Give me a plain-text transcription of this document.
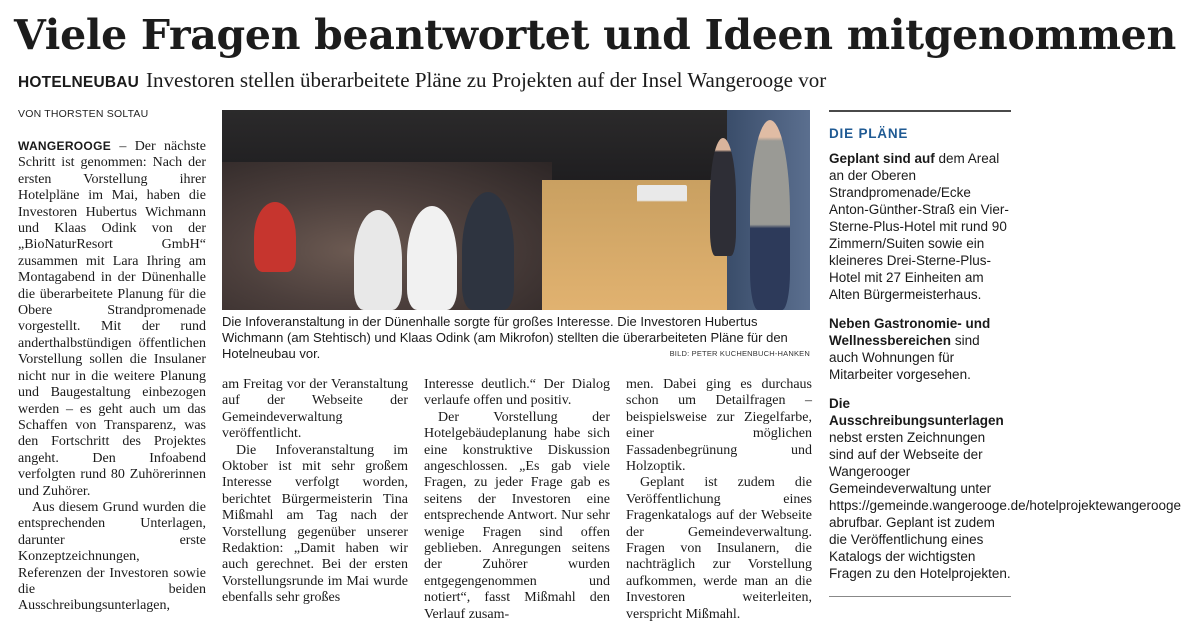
Viele Fragen beantwortet und Ideen mitgenommen
HOTELNEUBAU Investoren stellen überarbeitete Pläne zu Projekten auf der Insel Wangerooge vor
VON THORSTEN SOLTAU

WANGEROOGE – Der nächste Schritt ist genommen: Nach der ersten Vorstellung ihrer Hotelpläne im Mai, haben die Investoren Hubertus Wichmann und Klaas Odink von der „BioNaturResort GmbH“ zusammen mit Lara Ihring am Montagabend in der Dünenhalle die überarbeitete Planung für die Obere Strandpromenade vorgestellt. Mit der rund anderthalbstündigen öffentlichen Vorstellung sollen die Insulaner nicht nur in die weitere Planung und Baugestaltung einbezogen werden – es geht auch um das Schaffen von Transparenz, was den Fortschritt des Projektes angeht. Den Infoabend verfolgten rund 80 Zuhörerinnen und Zuhörer.

Aus diesem Grund wurden die entsprechenden Unterlagen, darunter erste Konzeptzeichnungen, Referenzen der Investoren sowie die beiden Ausschreibungsunterlagen,

Die Infoveranstaltung in der Dünenhalle sorgte für großes Interesse. Die Investoren Hubertus Wichmann (am Stehtisch) und Klaas Odink (am Mikrofon) stellten die überarbeiteten Pläne für den Hotelneubau vor.	BILD: PETER KUCHENBUCH-HANKEN

am Freitag vor der Veranstaltung auf der Webseite der Gemeindeverwaltung veröffentlicht.

Die Infoveranstaltung im Oktober ist mit sehr großem Interesse verfolgt worden, berichtet Bürgermeisterin Tina Mißmahl am Tag nach der Vorstellung gegenüber unserer Redaktion: „Damit haben wir auch gerechnet. Bei der ersten Vorstellungsrunde im Mai wurde ebenfalls sehr großes

Interesse deutlich.“ Der Dialog verlaufe offen und positiv.

Der Vorstellung der Hotelgebäudeplanung habe sich eine konstruktive Diskussion angeschlossen. „Es gab viele Fragen, zu jeder Frage gab es seitens der Investoren eine entsprechende Antwort. Nur sehr wenige Fragen sind offen geblieben. Anregungen seitens der Zuhörer wurden entgegengenommen und notiert“, fasst Mißmahl den Verlauf zusam-

men. Dabei ging es durchaus schon um Detailfragen – beispielsweise zur Ziegelfarbe, einer möglichen Fassadenbegrünung und Holzoptik.

Geplant ist zudem die Veröffentlichung eines Fragenkatalogs auf der Webseite der Gemeindeverwaltung. Fragen von Insulanern, die nachträglich zur Vorstellung aufkommen, werde man an die Investoren weiterleiten, verspricht Mißmahl.

DIE PLÄNE

Geplant sind auf dem Areal an der Oberen Strandpromenade/Ecke Anton-Günther-Straß ein Vier-Sterne-Plus-Hotel mit rund 90 Zimmern/Suiten sowie ein kleineres Drei-Sterne-Plus-Hotel mit 27 Einheiten am Alten Bürgermeisterhaus.

Neben Gastronomie- und Wellnessbereichen sind auch Wohnungen für Mitarbeiter vorgesehen.

Die Ausschreibungsunterlagen nebst ersten Zeichnungen sind auf der Webseite der Wangerooger Gemeindeverwaltung unter https://gemeinde.wangerooge.de/hotelprojektewangerooge abrufbar. Geplant ist zudem die Veröffentlichung eines Katalogs der wichtigsten Fragen zu den Hotelprojekten.
